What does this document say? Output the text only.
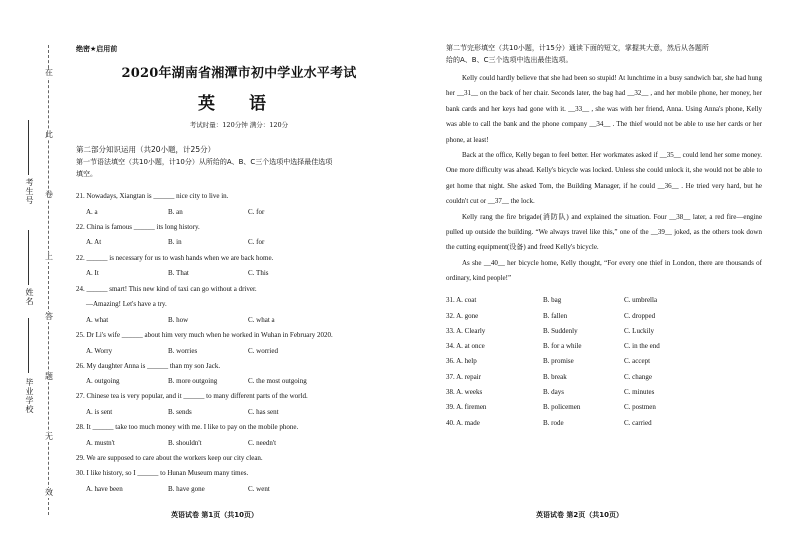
在
此
卷
上
答
题
无
效
考生号
姓名
毕业学校
绝密★启用前
2020年湖南省湘潭市初中学业水平考试
英 语
考试时量：120分钟 满分：120分
第二部分知识运用（共20小题，计25分）
第一节语法填空（共10小题，计10分）从所给的A、B、C三个选项中选择最佳选项
填空。
21. Nowadays, Xiangtan is ______ nice city to live in.
A. a	B. an	C. for
22. China is famous ______ its long history.
A. At	B. in	C. for
22. ______ is necessary for us to wash hands when we are back home.
A. It	B. That	C. This
24. ______ smart! This new kind of taxi can go without a driver.
—Amazing! Let's have a try.
A. what	B. how	C. what a
25. Dr Li's wife ______ about him very much when he worked in Wuhan in February 2020.
A. Worry	B. worries	C. worried
26. My daughter Anna is ______ than my son Jack.
A. outgoing	B. more outgoing	C. the most outgoing
27. Chinese tea is very popular, and it ______ to many different parts of the world.
A. is sent	B. sends	C. has sent
28. It ______ take too much money with me. I like to pay on the mobile phone.
A. mustn't	B. shouldn't	C. needn't
29. We are supposed to care about the workers keep our city clean.
30. I like history, so I ______ to Hunan Museum many times.
A. have been	B. have gone	C. went
英语试卷 第1页（共10页）
第二节完形填空（共10小题，计15分）通读下面的短文，掌握其大意，然后从各题所
给的A、B、C三个选项中选出最佳选项。

Kelly could hardly believe that she had been so stupid! At lunchtime in a busy sandwich bar, she had hung her __31__ on the back of her chair. Seconds later, the bag had __32__ , and her mobile phone, her money, her bank cards and her keys had gone with it. __33__ , she was with her friend, Anna. Using Anna's phone, Kelly was able to call the bank and the phone company __34__ . The thief would not be able to use her cards or her phone, at least!

Back at the office, Kelly began to feel better. Her workmates asked if __35__ could lend her some money. One more difficulty was ahead. Kelly's bicycle was locked. Unless she could unlock it, she would not be able to get home that night. She asked Tom, the Building Manager, if he could __36__ . He tried very hard, but he couldn't cut or __37__ the lock.

Kelly rang the fire brigade(消防队) and explained the situation. Four __38__ later, a red fire—engine pulled up outside the building. “We always travel like this,” one of the __39__ joked, as the others took down the cutting equipment(设备) and freed Kelly's bicycle.

As she __40__ her bicycle home, Kelly thought, “For every one thief in London, there are thousands of ordinary, kind people!”

31. A. coat	B. bag	C. umbrella
32. A. gone	B. fallen	C. dropped
33. A. Clearly	B. Suddenly	C. Luckily
34. A. at once	B. for a while	C. in the end
36. A. help	B. promise	C. accept
37. A. repair	B. break	C. change
38. A. weeks	B. days	C. minutes
39. A. firemen	B. policemen	C. postmen
40. A. made	B. rode	C. carried
英语试卷 第2页（共10页）
